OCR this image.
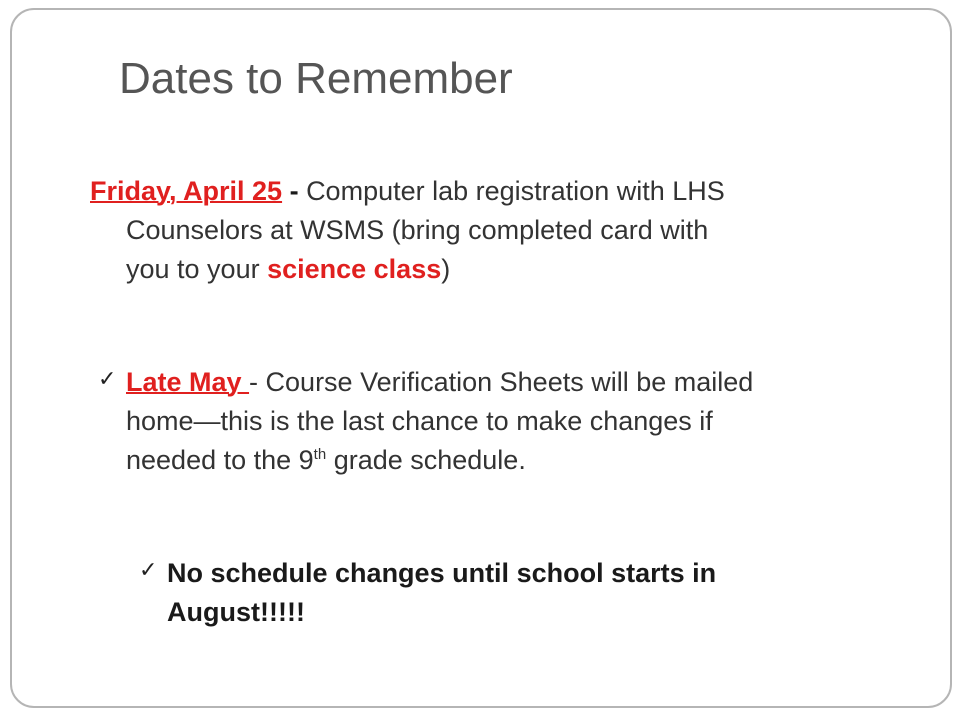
Dates to Remember
Friday, April 25 - Computer lab registration with LHS
Counselors at WSMS (bring completed card with
you to your science class)
✓ Late May - Course Verification Sheets will be mailed
home—this is the last chance to make changes if
needed to the 9th grade schedule.
✓ No schedule changes until school starts in
August!!!!!
